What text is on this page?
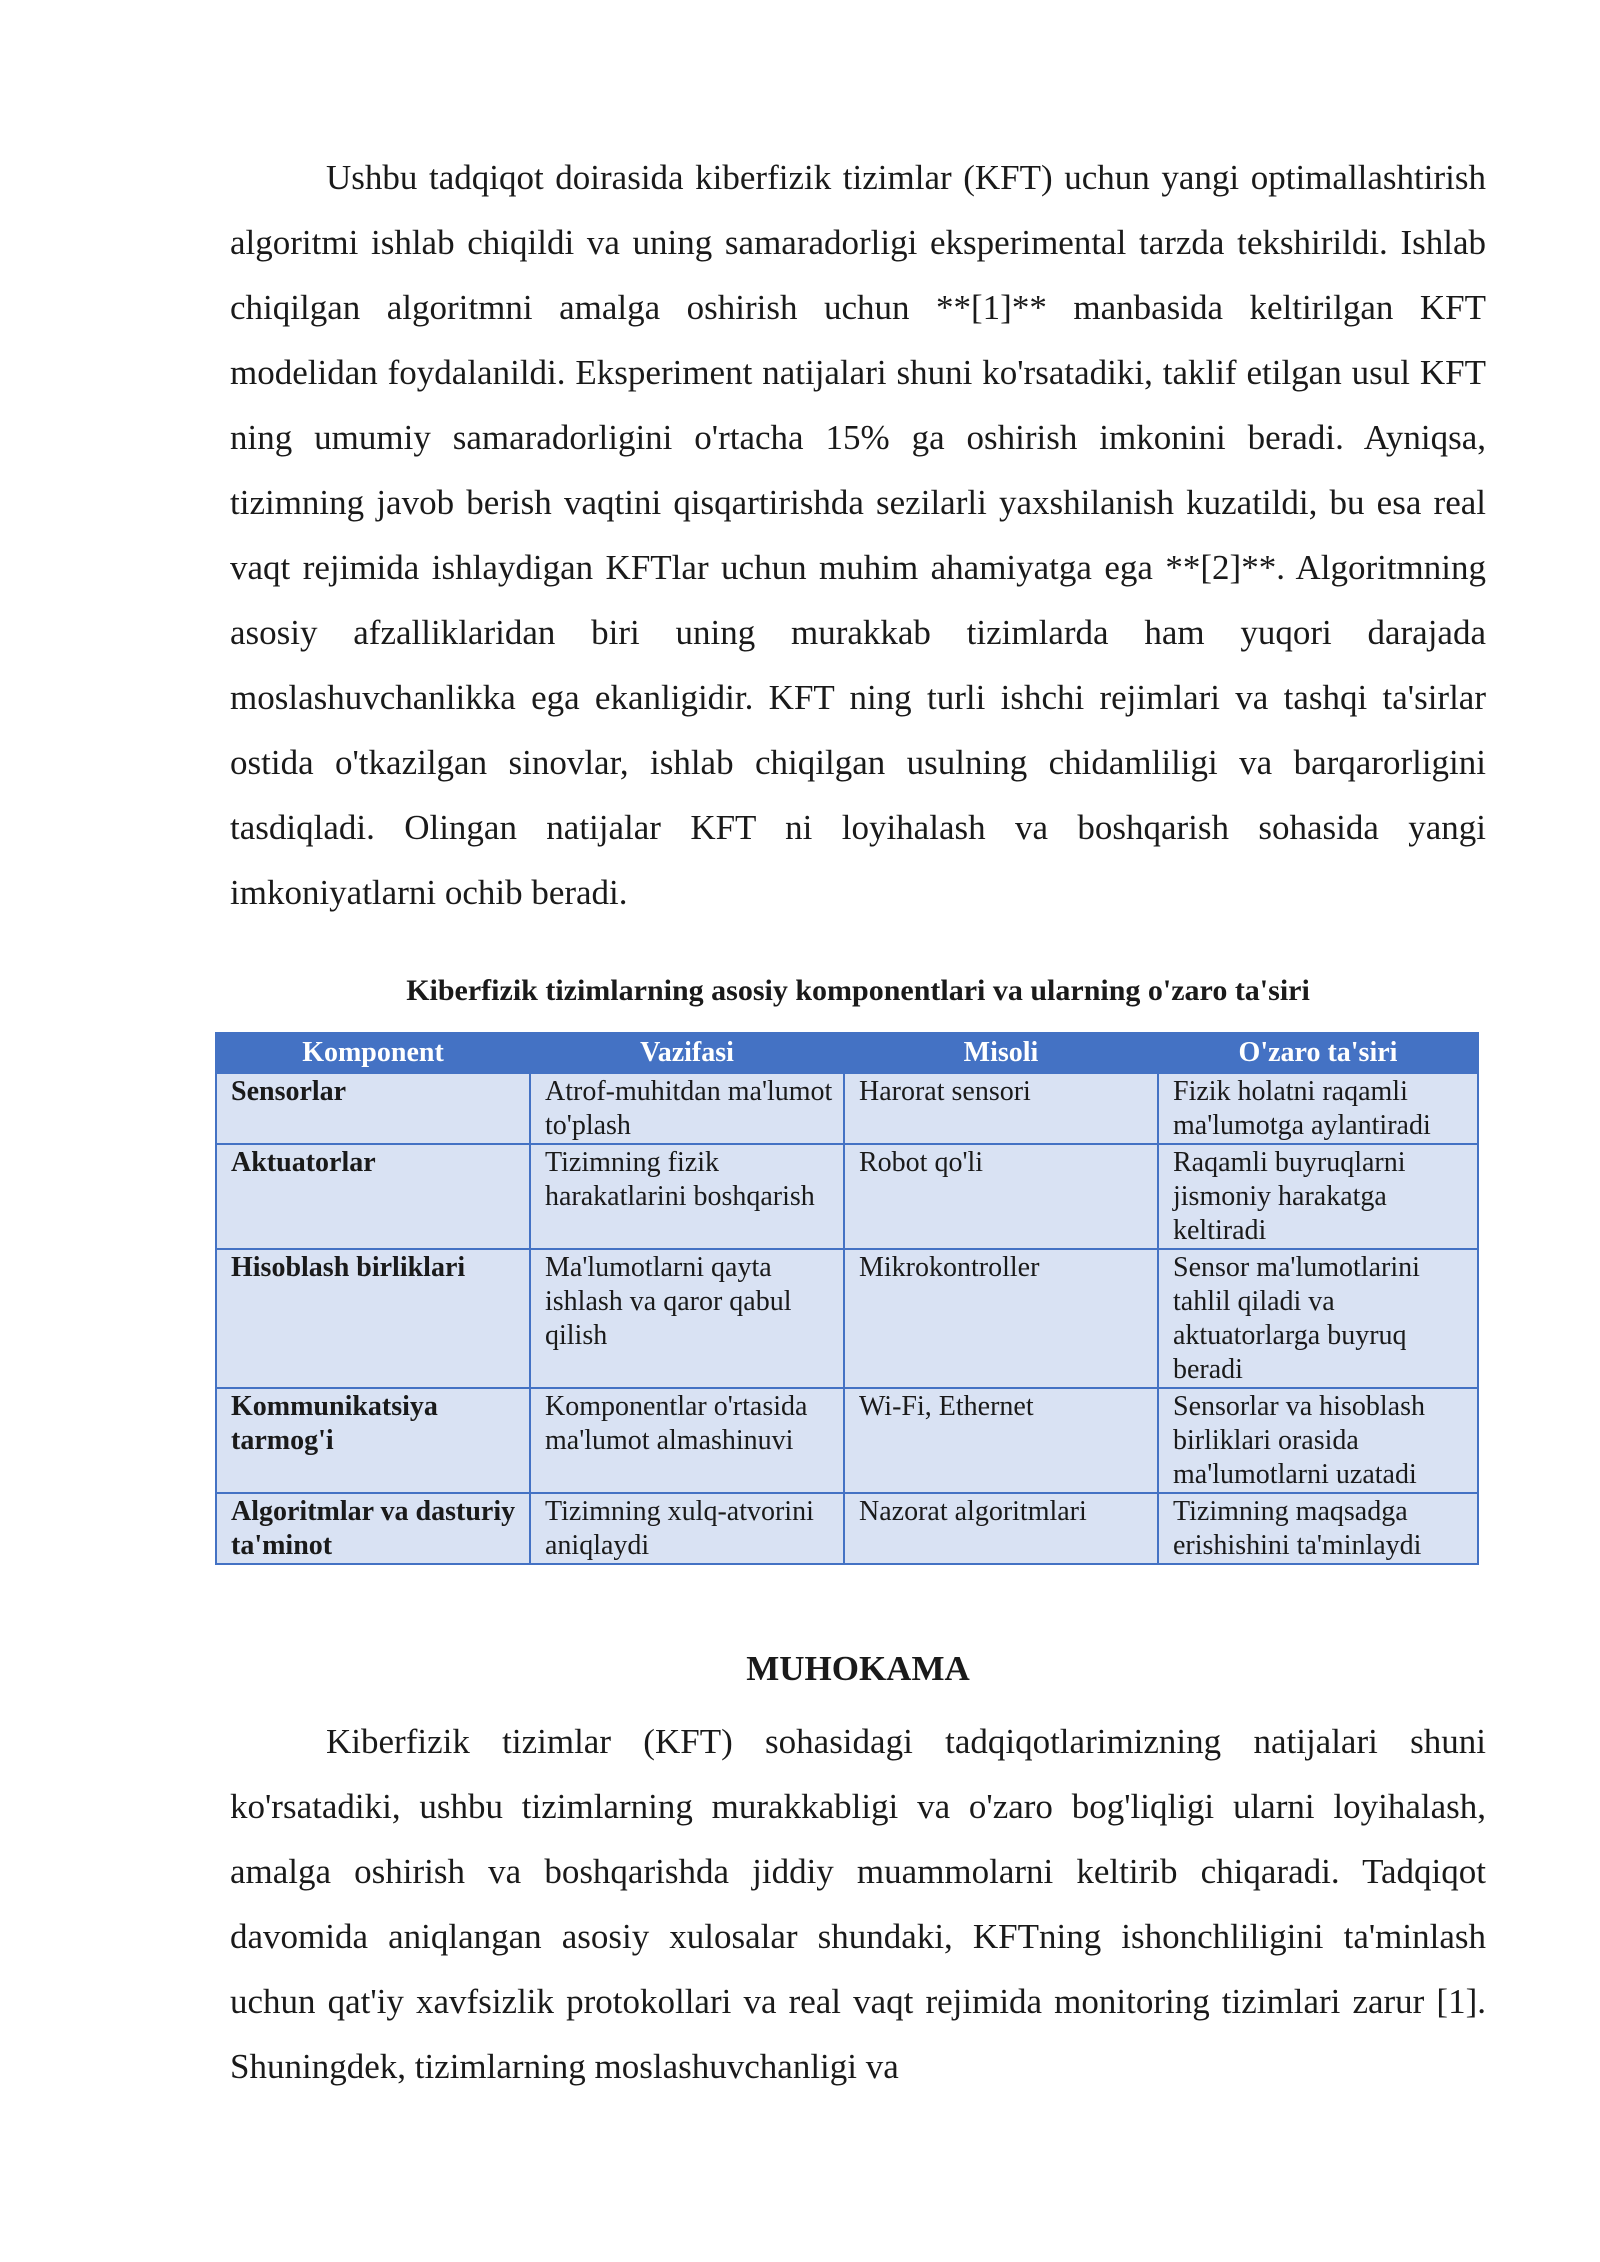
Ushbu tadqiqot doirasida kiberfizik tizimlar (KFT) uchun yangi optimallashtirish algoritmi ishlab chiqildi va uning samaradorligi eksperimental tarzda tekshirildi. Ishlab chiqilgan algoritmni amalga oshirish uchun **[1]** manbasida keltirilgan KFT modelidan foydalanildi. Eksperiment natijalari shuni ko'rsatadiki, taklif etilgan usul KFT ning umumiy samaradorligini o'rtacha 15% ga oshirish imkonini beradi. Ayniqsa, tizimning javob berish vaqtini qisqartirishda sezilarli yaxshilanish kuzatildi, bu esa real vaqt rejimida ishlaydigan KFTlar uchun muhim ahamiyatga ega **[2]**. Algoritmning asosiy afzalliklaridan biri uning murakkab tizimlarda ham yuqori darajada moslashuvchanlikka ega ekanligidir. KFT ning turli ishchi rejimlari va tashqi ta'sirlar ostida o'tkazilgan sinovlar, ishlab chiqilgan usulning chidamliligi va barqarorligini tasdiqladi. Olingan natijalar KFT ni loyihalash va boshqarish sohasida yangi imkoniyatlarni ochib beradi.

Kiberfizik tizimlarning asosiy komponentlari va ularning o'zaro ta'siri
Komponent	Vazifasi	Misoli	O'zaro ta'siri
Sensorlar	Atrof-muhitdan ma'lumot to'plash	Harorat sensori	Fizik holatni raqamli ma'lumotga aylantiradi
Aktuatorlar	Tizimning fizik harakatlarini boshqarish	Robot qo'li	Raqamli buyruqlarni jismoniy harakatga keltiradi
Hisoblash birliklari	Ma'lumotlarni qayta ishlash va qaror qabul qilish	Mikrokontroller	Sensor ma'lumotlarini tahlil qiladi va aktuatorlarga buyruq beradi
Kommunikatsiya tarmog'i	Komponentlar o'rtasida ma'lumot almashinuvi	Wi-Fi, Ethernet	Sensorlar va hisoblash birliklari orasida ma'lumotlarni uzatadi
Algoritmlar va dasturiy ta'minot	Tizimning xulq-atvorini aniqlaydi	Nazorat algoritmlari	Tizimning maqsadga erishishini ta'minlaydi
MUHOKAMA

Kiberfizik tizimlar (KFT) sohasidagi tadqiqotlarimizning natijalari shuni ko'rsatadiki, ushbu tizimlarning murakkabligi va o'zaro bog'liqligi ularni loyihalash, amalga oshirish va boshqarishda jiddiy muammolarni keltirib chiqaradi. Tadqiqot davomida aniqlangan asosiy xulosalar shundaki, KFTning ishonchliligini ta'minlash uchun qat'iy xavfsizlik protokollari va real vaqt rejimida monitoring tizimlari zarur [1]. Shuningdek, tizimlarning moslashuvchanligi va
